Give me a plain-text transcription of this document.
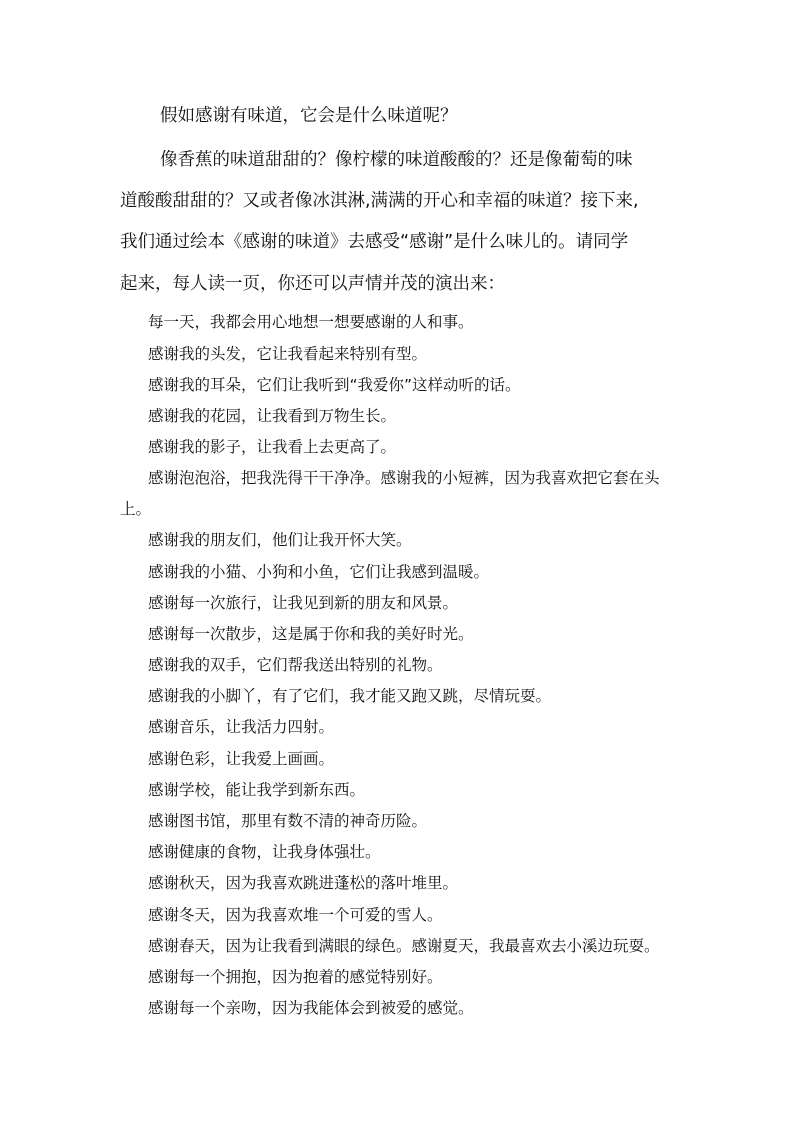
假如感谢有味道，它会是什么味道呢？

像香蕉的味道甜甜的？像柠檬的味道酸酸的？还是像葡萄的味

道酸酸甜甜的？又或者像冰淇淋,满满的开心和幸福的味道？接下来,

我们通过绘本《感谢的味道》去感受“感谢”是什么味儿的。请同学

起来，每人读一页，你还可以声情并茂的演出来：

每一天，我都会用心地想一想要感谢的人和事。

感谢我的头发，它让我看起来特别有型。

感谢我的耳朵，它们让我听到“我爱你”这样动听的话。

感谢我的花园，让我看到万物生长。

感谢我的影子，让我看上去更高了。

感谢泡泡浴，把我洗得干干净净。感谢我的小短裤，因为我喜欢把它套在头

上。

感谢我的朋友们，他们让我开怀大笑。

感谢我的小猫、小狗和小鱼，它们让我感到温暖。

感谢每一次旅行，让我见到新的朋友和风景。

感谢每一次散步，这是属于你和我的美好时光。

感谢我的双手，它们帮我送出特别的礼物。

感谢我的小脚丫，有了它们，我才能又跑又跳，尽情玩耍。

感谢音乐，让我活力四射。

感谢色彩，让我爱上画画。

感谢学校，能让我学到新东西。

感谢图书馆，那里有数不清的神奇历险。

感谢健康的食物，让我身体强壮。

感谢秋天，因为我喜欢跳进蓬松的落叶堆里。

感谢冬天，因为我喜欢堆一个可爱的雪人。

感谢春天，因为让我看到满眼的绿色。感谢夏天，我最喜欢去小溪边玩耍。

感谢每一个拥抱，因为抱着的感觉特别好。

感谢每一个亲吻，因为我能体会到被爱的感觉。
